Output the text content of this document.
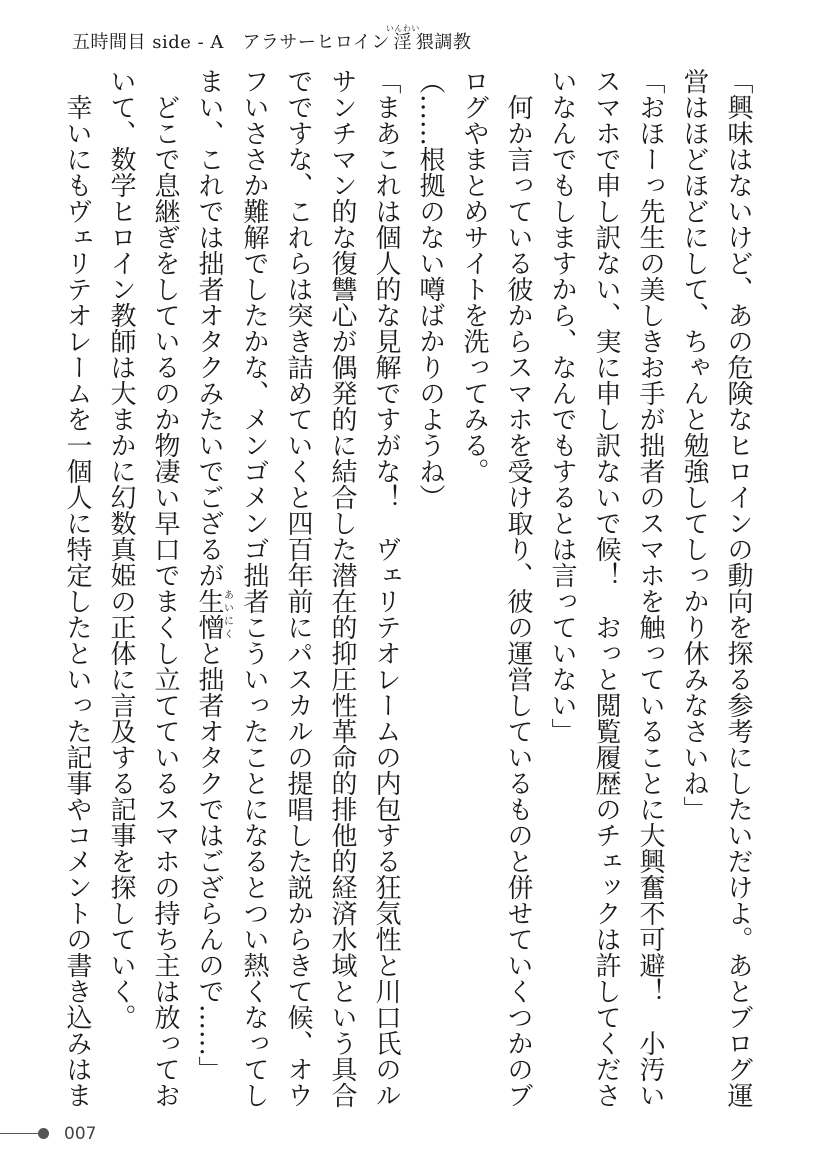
五時間目 side - A　アラサーヒロイン淫いんわい猥調教
「興味はないけど、あの危険なヒロインの動向を探る参考にしたいだけよ。あとブログ運
営はほどほどにして、ちゃんと勉強してしっかり休みなさいね」
「おほーっ先生の美しきお手が拙者のスマホを触っていることに大興奮不可避！　小汚い
スマホで申し訳ない、実に申し訳ないで候！　おっと閲覧履歴のチェックは許してくださ
いなんでもしますから、なんでもするとは言っていない」
何か言っている彼からスマホを受け取り、彼の運営しているものと併せていくつかのブ
ログやまとめサイトを洗ってみる。
（……根拠のない噂ばかりのようね）
「まあこれは個人的な見解ですがな！　ヴェリテオレームの内包する狂気性と川口氏のル
サンチマン的な復讐心が偶発的に結合した潜在的抑圧性革命的排他的経済水域という具合
でですな、これらは突き詰めていくと四百年前にパスカルの提唱した説からきて候、オウ
フいささか難解でしたかな、メンゴメンゴ拙者こういったことになるとつい熱くなってし
まい、これでは拙者オタクみたいでござるが生憎あいにくと拙者オタクではござらんので……」
どこで息継ぎをしているのか物凄い早口でまくし立てているスマホの持ち主は放ってお
いて、数学ヒロイン教師は大まかに幻数真姫の正体に言及する記事を探していく。
幸いにもヴェリテオレームを一個人に特定したといった記事やコメントの書き込みはま
007
